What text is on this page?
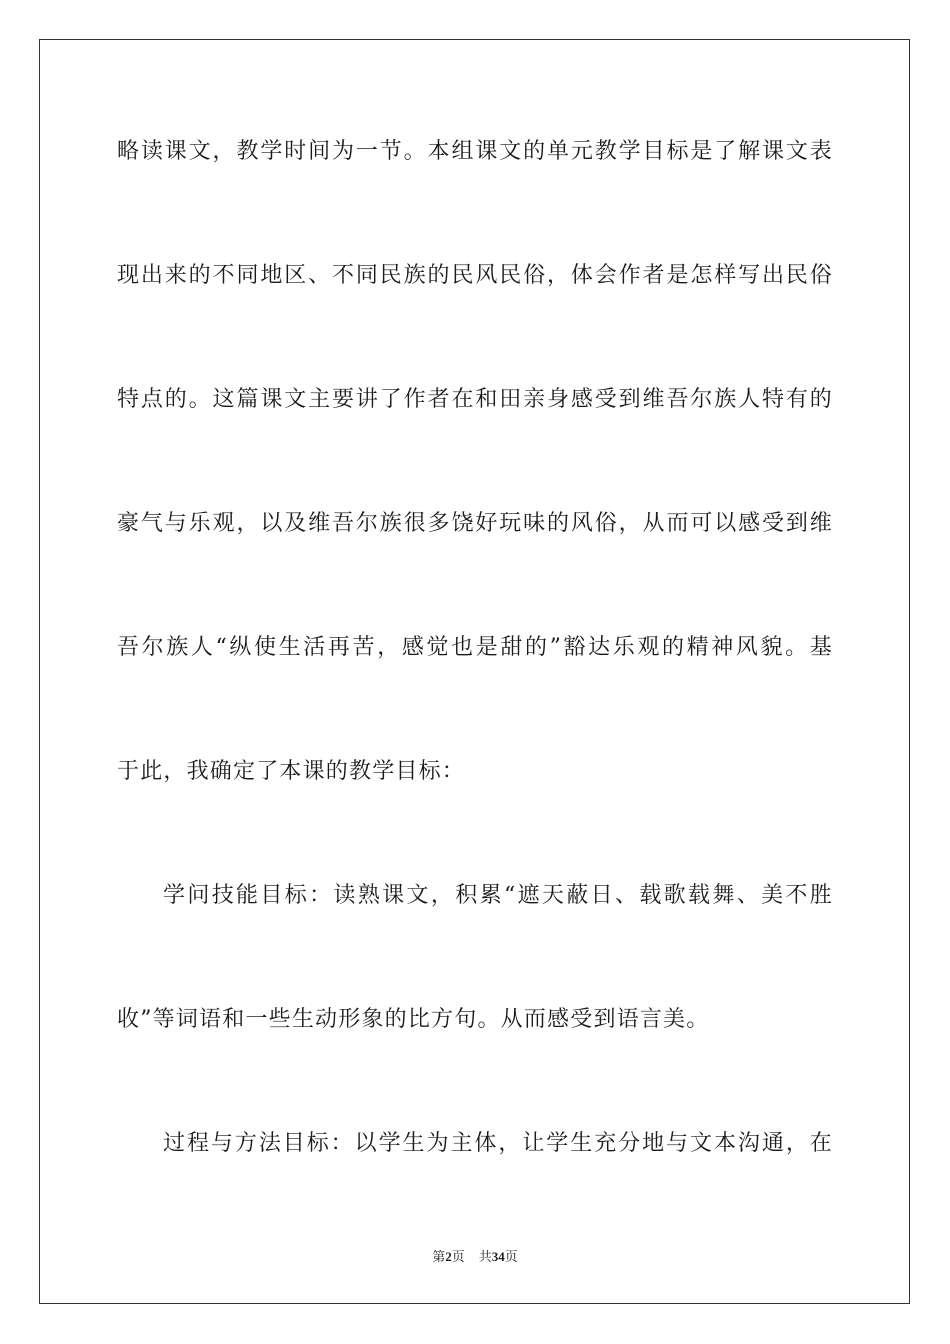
略读课文，教学时间为一节。本组课文的单元教学目标是了解课文表
现出来的不同地区、不同民族的民风民俗，体会作者是怎样写出民俗
特点的。这篇课文主要讲了作者在和田亲身感受到维吾尔族人特有的
豪气与乐观，以及维吾尔族很多饶好玩味的风俗，从而可以感受到维
吾尔族人“纵使生活再苦，感觉也是甜的”豁达乐观的精神风貌。基
于此，我确定了本课的教学目标：
学问技能目标：读熟课文，积累“遮天蔽日、载歌载舞、美不胜
收”等词语和一些生动形象的比方句。从而感受到语言美。
过程与方法目标：以学生为主体，让学生充分地与文本沟通，在
第2页 共34页
